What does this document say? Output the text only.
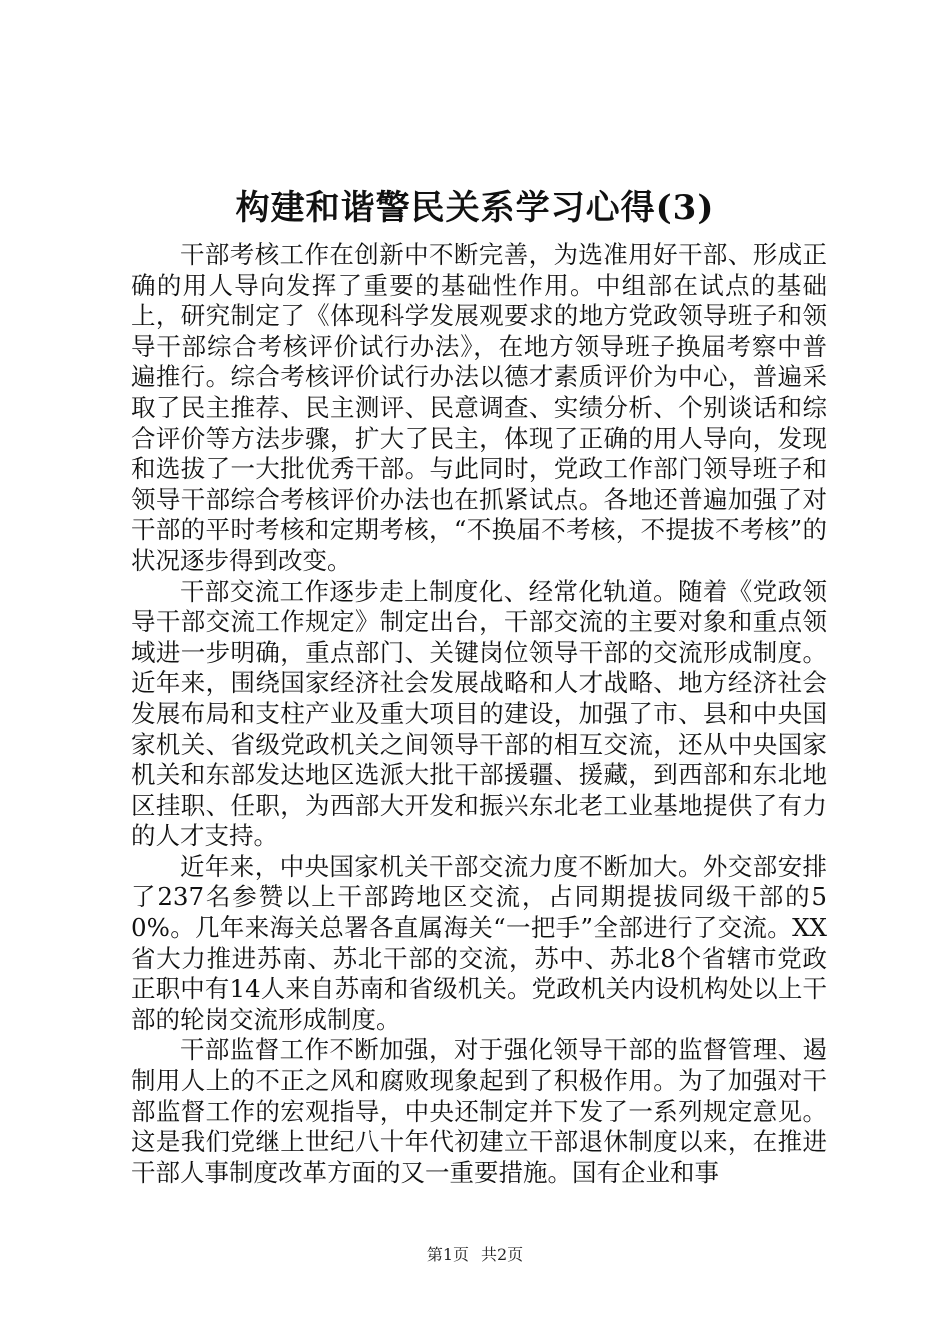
构建和谐警民关系学习心得(3)

干部考核工作在创新中不断完善，为选准用好干部、形成正确的用人导向发挥了重要的基础性作用。中组部在试点的基础上，研究制定了《体现科学发展观要求的地方党政领导班子和领导干部综合考核评价试行办法》，在地方领导班子换届考察中普遍推行。综合考核评价试行办法以德才素质评价为中心，普遍采取了民主推荐、民主测评、民意调查、实绩分析、个别谈话和综合评价等方法步骤，扩大了民主，体现了正确的用人导向，发现和选拔了一大批优秀干部。与此同时，党政工作部门领导班子和领导干部综合考核评价办法也在抓紧试点。各地还普遍加强了对干部的平时考核和定期考核，“不换届不考核，不提拔不考核”的状况逐步得到改变。

干部交流工作逐步走上制度化、经常化轨道。随着《党政领导干部交流工作规定》制定出台，干部交流的主要对象和重点领域进一步明确，重点部门、关键岗位领导干部的交流形成制度。近年来，围绕国家经济社会发展战略和人才战略、地方经济社会发展布局和支柱产业及重大项目的建设，加强了市、县和中央国家机关、省级党政机关之间领导干部的相互交流，还从中央国家机关和东部发达地区选派大批干部援疆、援藏，到西部和东北地区挂职、任职，为西部大开发和振兴东北老工业基地提供了有力的人才支持。

近年来，中央国家机关干部交流力度不断加大。外交部安排了237名参赞以上干部跨地区交流，占同期提拔同级干部的50%。几年来海关总署各直属海关“一把手”全部进行了交流。XX省大力推进苏南、苏北干部的交流，苏中、苏北8个省辖市党政正职中有14人来自苏南和省级机关。党政机关内设机构处以上干部的轮岗交流形成制度。

干部监督工作不断加强，对于强化领导干部的监督管理、遏制用人上的不正之风和腐败现象起到了积极作用。为了加强对干部监督工作的宏观指导，中央还制定并下发了一系列规定意见。这是我们党继上世纪八十年代初建立干部退休制度以来，在推进干部人事制度改革方面的又一重要措施。国有企业和事

第1页 共2页
